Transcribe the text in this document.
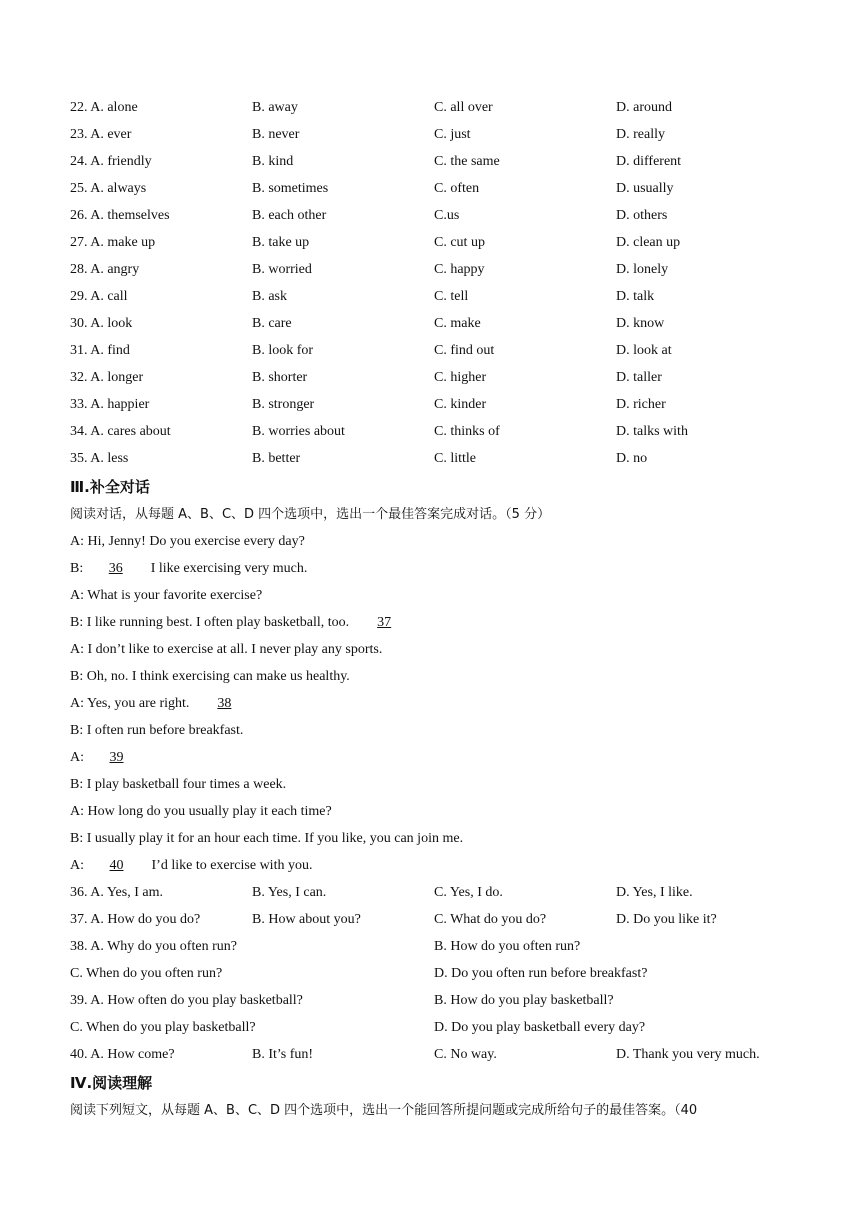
22. A. alone	B. away	C. all over	D. around
23. A. ever	B. never	C. just	D. really
24. A. friendly	B. kind	C. the same	D. different
25. A. always	B. sometimes	C. often	D. usually
26. A. themselves	B. each other	C.us	D. others
27. A. make up	B. take up	C. cut up	D. clean up
28. A. angry	B. worried	C. happy	D. lonely
29. A. call	B. ask	C. tell	D. talk
30. A. look	B. care	C. make	D. know
31. A. find	B. look for	C. find out	D. look at
32. A. longer	B. shorter	C. higher	D. taller
33. A. happier	B. stronger	C. kinder	D. richer
34. A. cares about	B. worries about	C. thinks of	D. talks with
35. A. less	B. better	C. little	D. no
Ⅲ.补全对话
阅读对话，从每题 A、B、C、D 四个选项中，选出一个最佳答案完成对话。（5 分）
A: Hi, Jenny! Do you exercise every day?
B:	36	I like exercising very much.
A: What is your favorite exercise?
B: I like running best. I often play basketball, too.	37
A: I don’t like to exercise at all. I never play any sports.
B: Oh, no. I think exercising can make us healthy.
A: Yes, you are right.	38
B: I often run before breakfast.
A:	39
B: I play basketball four times a week.
A: How long do you usually play it each time?
B: I usually play it for an hour each time. If you like, you can join me.
A:	40	I’d like to exercise with you.
36. A. Yes, I am.	B. Yes, I can.	C. Yes, I do.	D. Yes, I like.
37. A. How do you do?	B. How about you?	C. What do you do?	D. Do you like it?
38. A. Why do you often run?	B. How do you often run?
C. When do you often run?	D. Do you often run before breakfast?
39. A. How often do you play basketball?	B. How do you play basketball?
C. When do you play basketball?	D. Do you play basketball every day?
40. A. How come?	B. It’s fun!	C. No way.	D. Thank you very much.
Ⅳ.阅读理解
阅读下列短文，从每题 A、B、C、D 四个选项中，选出一个能回答所提问题或完成所给句子的最佳答案。（40
